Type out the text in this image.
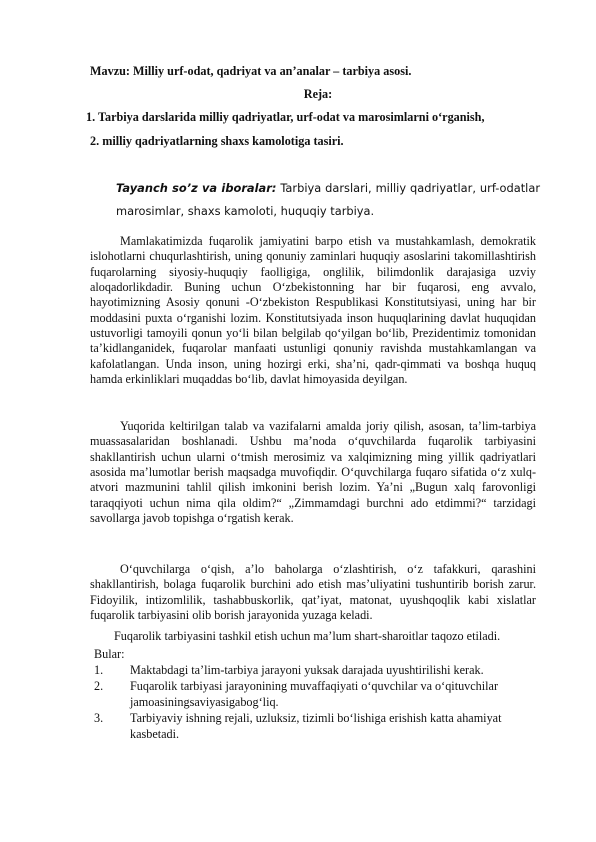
Mavzu: Milliy urf-odat, qadriyat va an’analar – tarbiya asosi.
Reja:
1. Tarbiya darslarida milliy qadriyatlar, urf-odat va marosimlarni o‘rganish,
2. milliy qadriyatlarning shaxs kamolotiga tasiri.
Tayanch so’z va iboralar: Tarbiya darslari, milliy qadriyatlar, urf-odatlar marosimlar, shaxs kamoloti, huquqiy tarbiya.

Mamlakatimizda fuqarolik jamiyatini barpo etish va mustahkamlash, demokratik islohotlarni chuqurlashtirish, uning qonuniy zaminlari huquqiy asoslarini takomillashtirish fuqarolarning siyosiy-huquqiy faolligiga, onglilik, bilimdonlik darajasiga uzviy aloqadorlikdadir. Buning uchun O‘zbekistonning har bir fuqarosi, eng avvalo, hayotimizning Asosiy qonuni -O‘zbekiston Respublikasi Konstitutsiyasi, uning har bir moddasini puxta o‘rganishi lozim. Konstitutsiyada inson huquqlarining davlat huquqidan ustuvorligi tamoyili qonun yo‘li bilan belgilab qo‘yilgan bo‘lib, Prezidentimiz tomonidan ta’kidlanganidek, fuqarolar manfaati ustunligi qonuniy ravishda mustahkamlangan va kafolatlangan. Unda inson, uning hozirgi erki, sha’ni, qadr-qimmati va boshqa huquq hamda erkinliklari muqaddas bo‘lib, davlat himoyasida deyilgan.

Yuqorida keltirilgan talab va vazifalarni amalda joriy qilish, asosan, ta’lim-tarbiya muassasalaridan boshlanadi. Ushbu ma’noda o‘quvchilarda fuqarolik tarbiyasini shakllantirish uchun ularni o‘tmish merosimiz va xalqimizning ming yillik qadriyatlari asosida ma’lumotlar berish maqsadga muvofiqdir. O‘quvchilarga fuqaro sifatida o‘z xulq-atvori mazmunini tahlil qilish imkonini berish lozim. Ya’ni „Bugun xalq farovonligi taraqqiyoti uchun nima qila oldim?“ „Zimmamdagi burchni ado etdimmi?“ tarzidagi savollarga javob topishga o‘rgatish kerak.

O‘quvchilarga o‘qish, a’lo baholarga o‘zlashtirish, o‘z tafakkuri, qarashini shakllantirish, bolaga fuqarolik burchini ado etish mas’uliyatini tushuntirib borish zarur. Fidoyilik, intizomlilik, tashabbuskorlik, qat’iyat, matonat, uyushqoqlik kabi xislatlar fuqarolik tarbiyasini olib borish jarayonida yuzaga keladi.

Fuqarolik tarbiyasini tashkil etish uchun ma’lum shart-sharoitlar taqozo etiladi.

Bular:
1. Maktabdagi ta’lim-tarbiya jarayoni yuksak darajada uyushtirilishi kerak.
2. Fuqarolik tarbiyasi jarayonining muvaffaqiyati o‘quvchilar va o‘qituvchilar jamoasiningsaviyasigabog‘liq.
3. Tarbiyaviy ishning rejali, uzluksiz, tizimli bo‘lishiga erishish katta ahamiyat kasbetadi.
